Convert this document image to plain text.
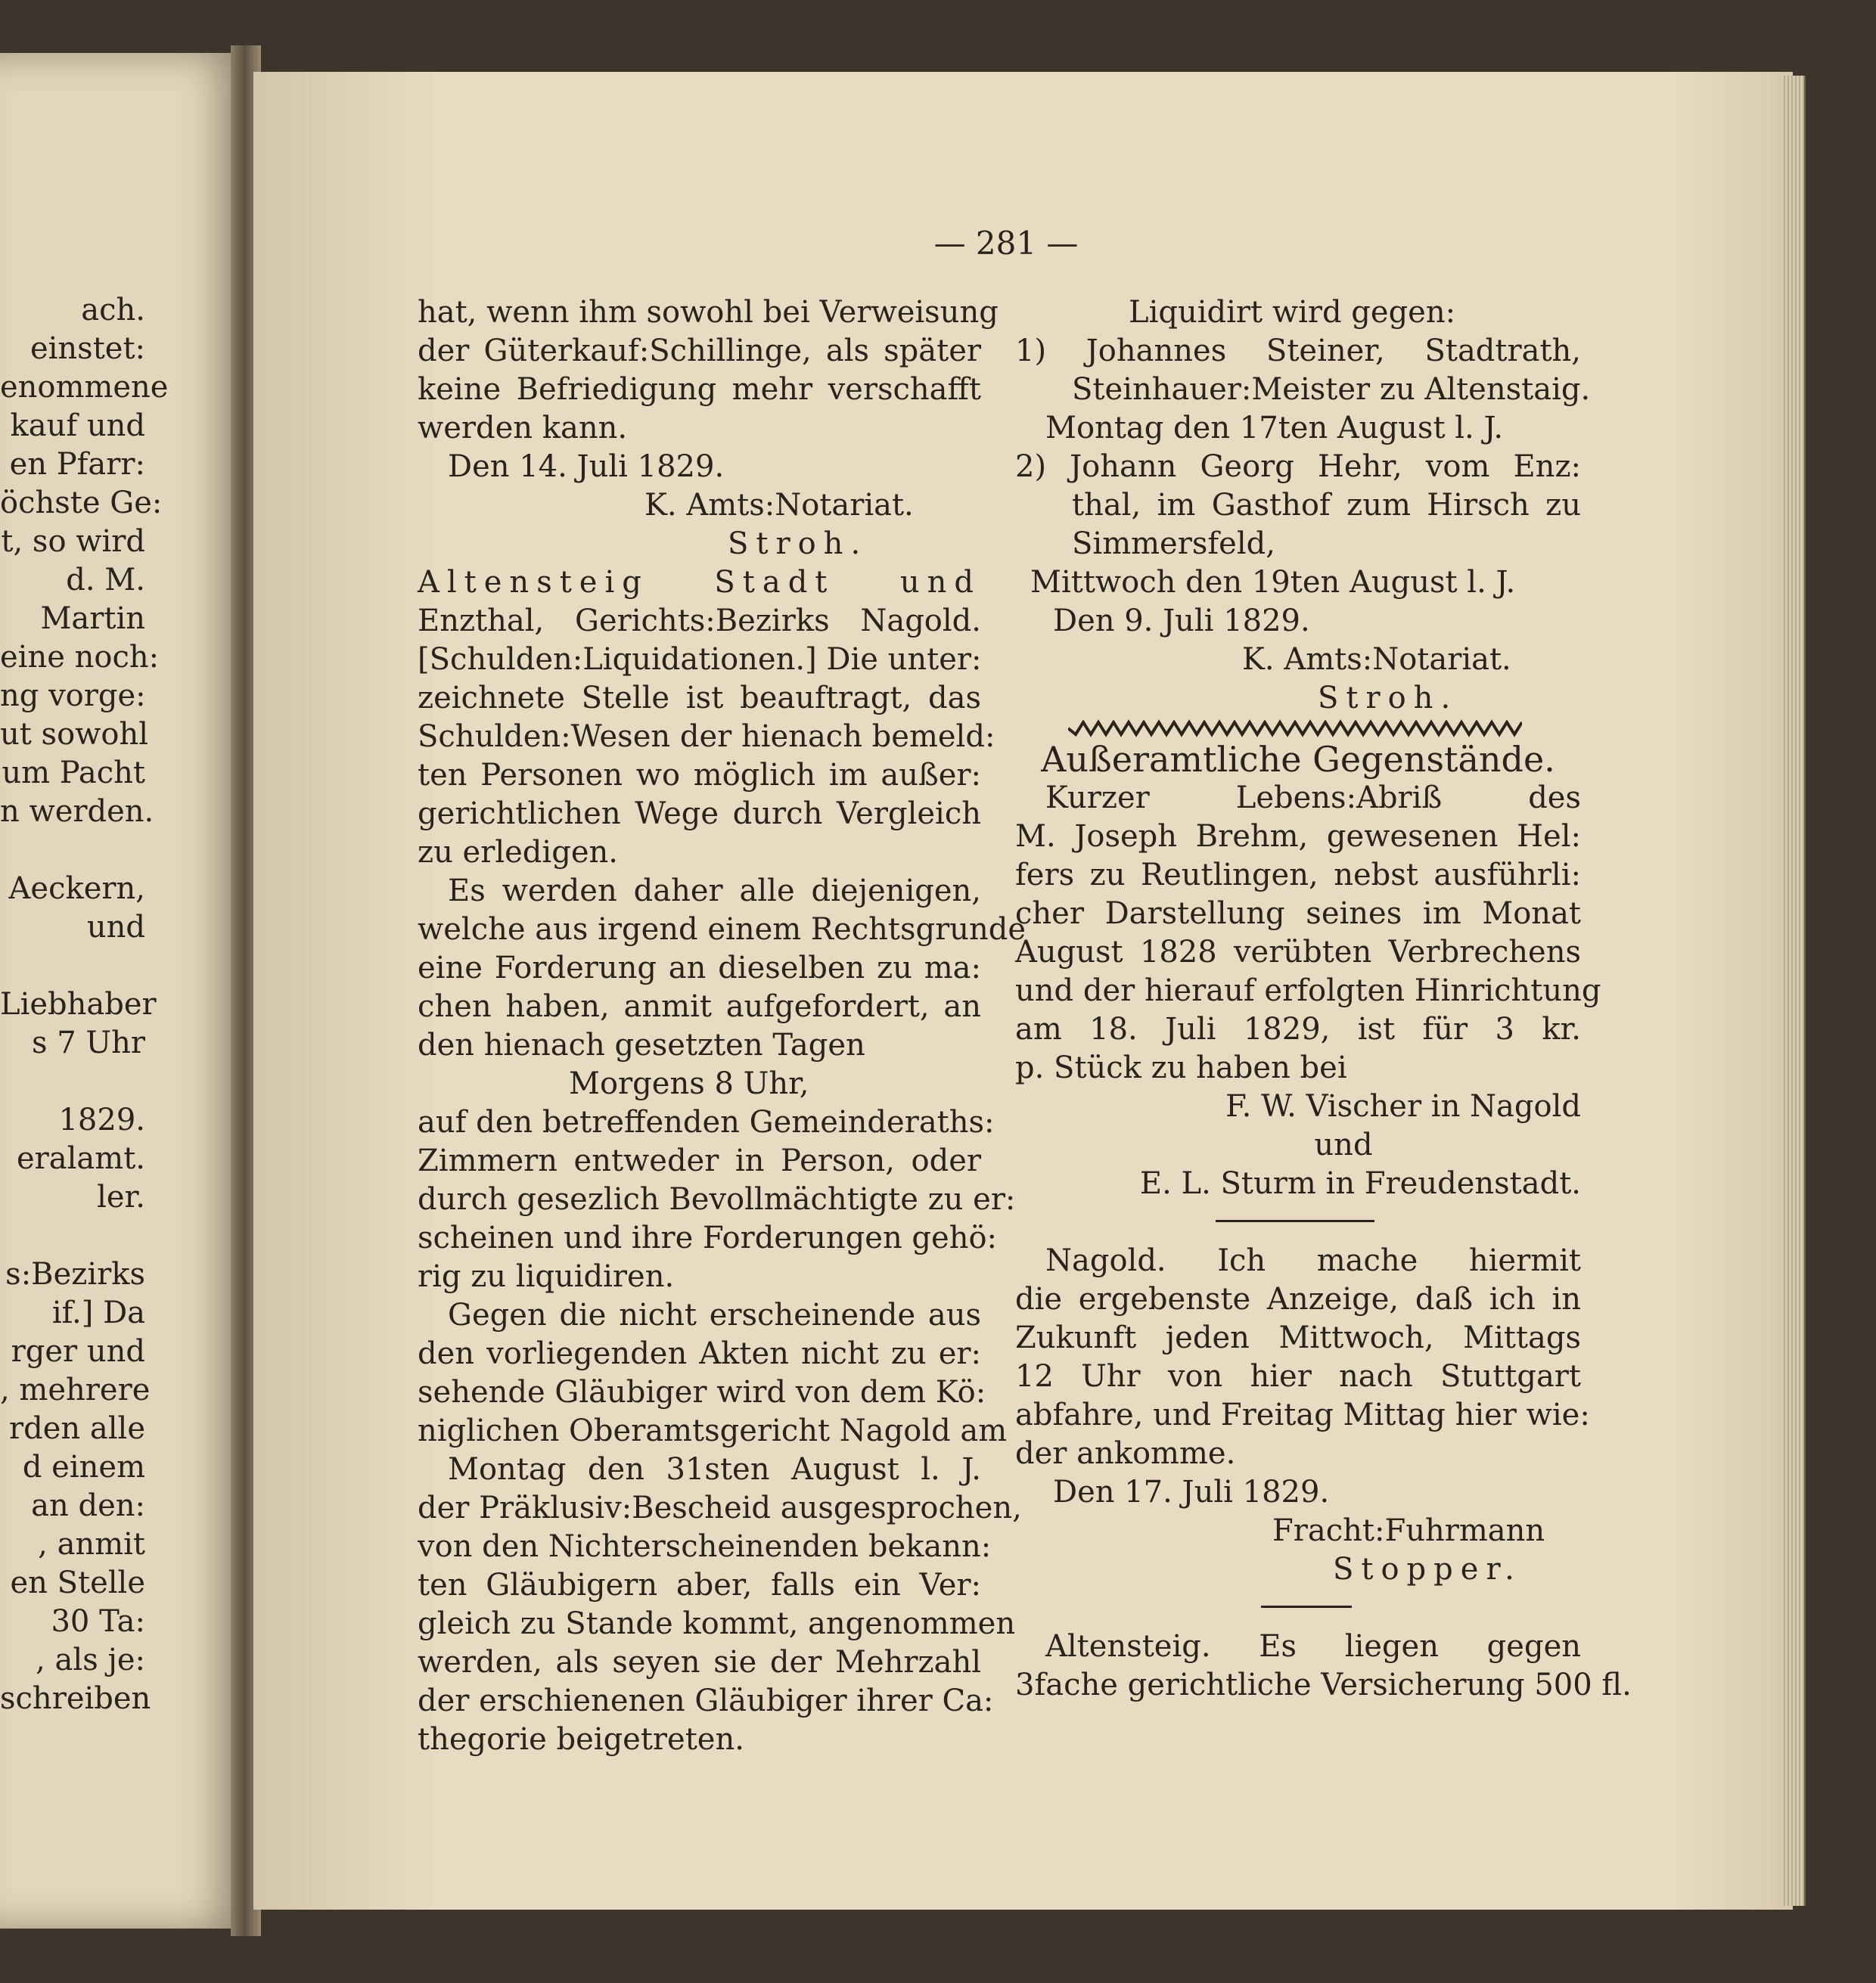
ach.
einstet:
enommene
kauf und
en Pfarr:
öchste Ge:
t, so wird
d. M.
Martin
eine noch:
ng vorge:
ut sowohl
um Pacht
n werden.
Aeckern,
und
Liebhaber
s 7 Uhr
1829.
eralamt.
ler.
s:Bezirks
if.] Da
rger und
, mehrere
rden alle
d einem
an den:
, anmit
en Stelle
30 Ta:
, als je:
schreiben
— 281 —
hat, wenn ihm sowohl bei Verweisung
der Güterkauf:Schillinge, als später
keine Befriedigung mehr verschafft
werden kann.
Den 14. Juli 1829.
K. Amts:Notariat.
Stroh.
Altensteig Stadt und
Enzthal, Gerichts:Bezirks Nagold.
[Schulden:Liquidationen.] Die unter:
zeichnete Stelle ist beauftragt, das
Schulden:Wesen der hienach bemeld:
ten Personen wo möglich im außer:
gerichtlichen Wege durch Vergleich
zu erledigen.
Es werden daher alle diejenigen,
welche aus irgend einem Rechtsgrunde
eine Forderung an dieselben zu ma:
chen haben, anmit aufgefordert, an
den hienach gesetzten Tagen
Morgens 8 Uhr,
auf den betreffenden Gemeinderaths:
Zimmern entweder in Person, oder
durch gesezlich Bevollmächtigte zu er:
scheinen und ihre Forderungen gehö:
rig zu liquidiren.
Gegen die nicht erscheinende aus
den vorliegenden Akten nicht zu er:
sehende Gläubiger wird von dem Kö:
niglichen Oberamtsgericht Nagold am
Montag den 31sten August l. J.
der Präklusiv:Bescheid ausgesprochen,
von den Nichterscheinenden bekann:
ten Gläubigern aber, falls ein Ver:
gleich zu Stande kommt, angenommen
werden, als seyen sie der Mehrzahl
der erschienenen Gläubiger ihrer Ca:
thegorie beigetreten.
Liquidirt wird gegen:
1) Johannes Steiner, Stadtrath,
Steinhauer:Meister zu Altenstaig.
Montag den 17ten August l. J.
2) Johann Georg Hehr, vom Enz:
thal, im Gasthof zum Hirsch zu
Simmersfeld,
Mittwoch den 19ten August l. J.
Den 9. Juli 1829.
K. Amts:Notariat.
Stroh.
Außeramtliche Gegenstände.
Kurzer Lebens:Abriß des
M. Joseph Brehm, gewesenen Hel:
fers zu Reutlingen, nebst ausführli:
cher Darstellung seines im Monat
August 1828 verübten Verbrechens
und der hierauf erfolgten Hinrichtung
am 18. Juli 1829, ist für 3 kr.
p. Stück zu haben bei
F. W. Vischer in Nagold
und
E. L. Sturm in Freudenstadt.
Nagold. Ich mache hiermit
die ergebenste Anzeige, daß ich in
Zukunft jeden Mittwoch, Mittags
12 Uhr von hier nach Stuttgart
abfahre, und Freitag Mittag hier wie:
der ankomme.
Den 17. Juli 1829.
Fracht:Fuhrmann
Stopper.
Altensteig. Es liegen gegen
3fache gerichtliche Versicherung 500 fl.
